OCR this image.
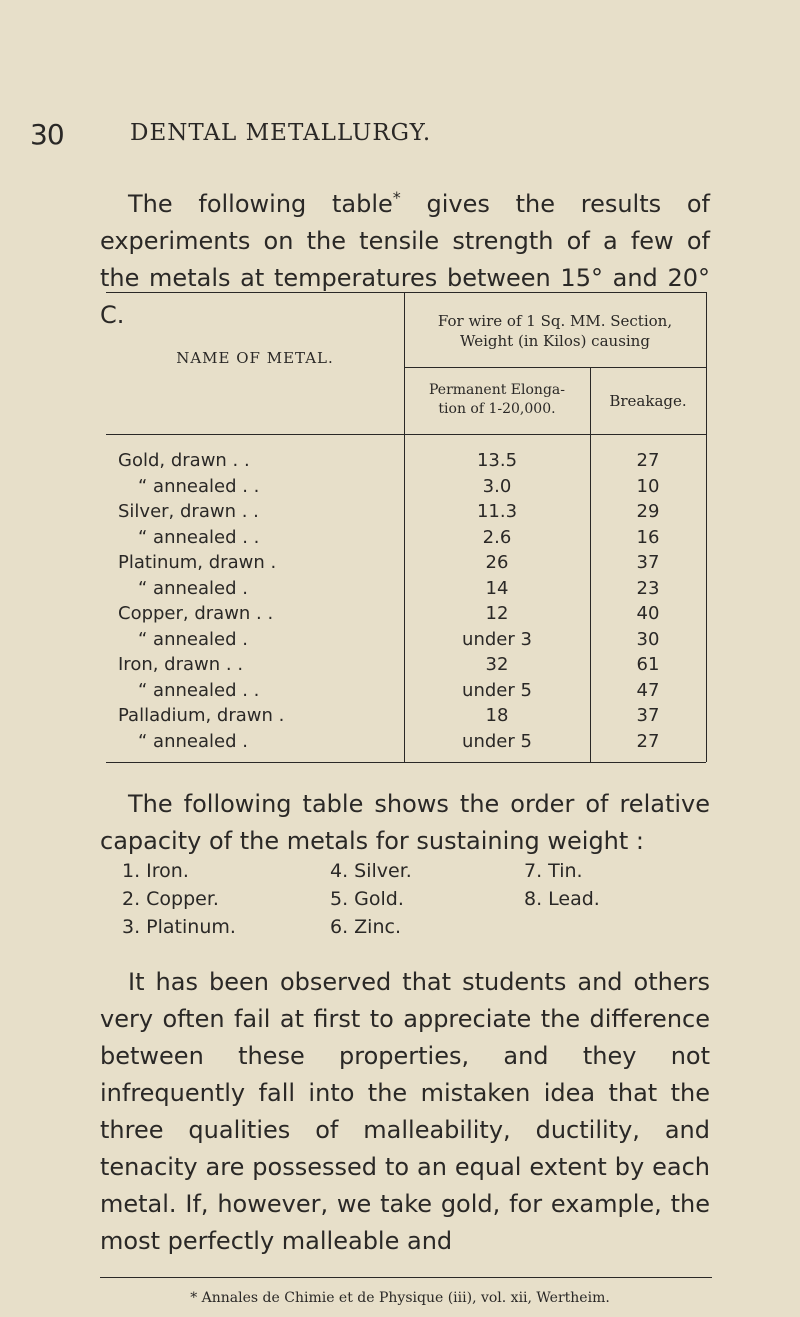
30	DENTAL METALLURGY.

The following table* gives the results of experiments on the tensile strength of a few of the metals at temperatures between 15° and 20° C.

NAME OF METAL.
For wire of 1 Sq. MM. Section,
Weight (in Kilos) causing
Permanent Elonga-
tion of 1-20,000.	Breakage.
Gold, drawn . .	13.5	27
“ annealed . .	3.0	10
Silver, drawn . .	11.3	29
“ annealed . .	2.6	16
Platinum, drawn .	26	37
“ annealed .	14	23
Copper, drawn . .	12	40
“ annealed .	under 3	30
Iron, drawn . .	32	61
“ annealed . .	under 5	47
Palladium, drawn .	18	37
“ annealed .	under 5	27

The following table shows the order of relative capacity of the metals for sustaining weight :

1. Iron.
2. Copper.
3. Platinum.
4. Silver.
5. Gold.
6. Zinc.
7. Tin.
8. Lead.

It has been observed that students and others very often fail at first to appreciate the difference between these properties, and they not infrequently fall into the mistaken idea that the three qualities of malleability, ductility, and tenacity are possessed to an equal extent by each metal. If, however, we take gold, for example, the most perfectly malleable and

* Annales de Chimie et de Physique (iii), vol. xii, Wertheim.
